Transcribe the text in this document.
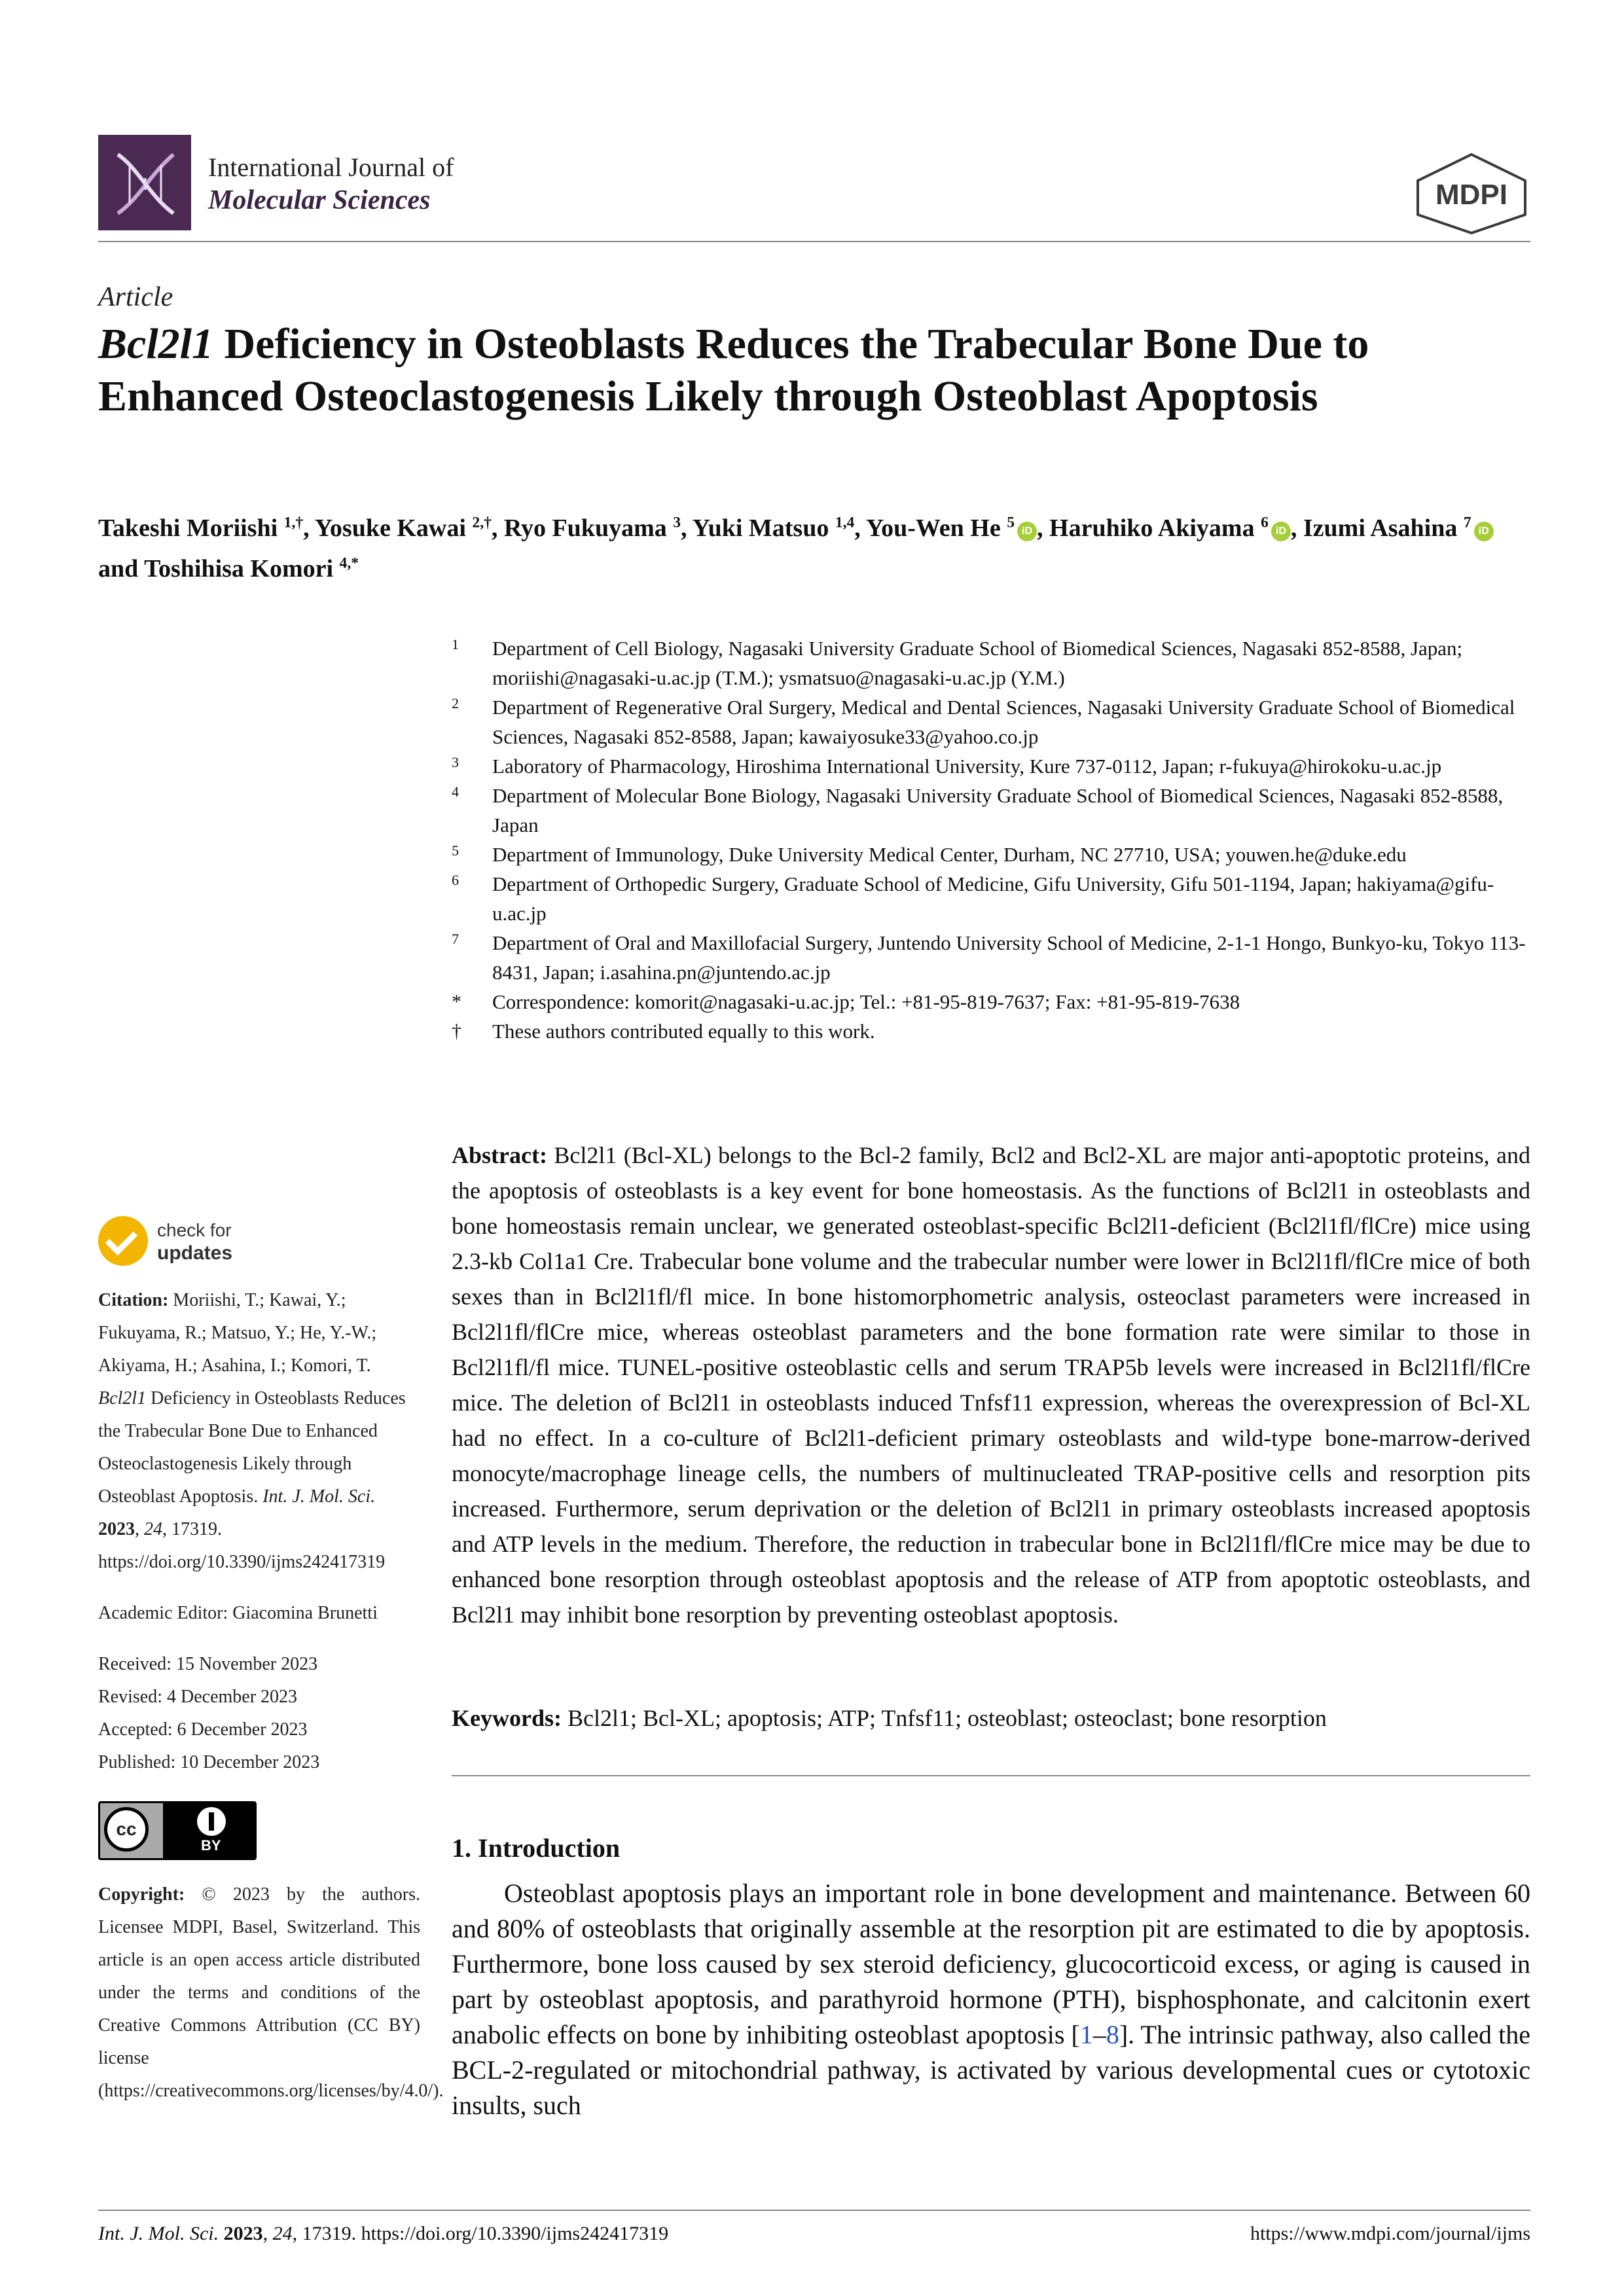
International Journal of
Molecular Sciences	MDPI
Article
Bcl2l1 Deficiency in Osteoblasts Reduces the Trabecular Bone Due to Enhanced Osteoclastogenesis Likely through Osteoblast Apoptosis
Takeshi Moriishi $^{1,\dagger}$, Yosuke Kawai $^{2,\dagger}$, Ryo Fukuyama $^3$, Yuki Matsuo $^{1,4}$, You-Wen He $^5$iD , Haruhiko Akiyama $^6$iD , Izumi Asahina $^7$iD and Toshihisa Komori $^{4,*}$
1 Department of Cell Biology, Nagasaki University Graduate School of Biomedical Sciences, Nagasaki 852-8588, Japan; moriishi@nagasaki-u.ac.jp (T.M.); ysmatsuo@nagasaki-u.ac.jp (Y.M.)
2 Department of Regenerative Oral Surgery, Medical and Dental Sciences, Nagasaki University Graduate School of Biomedical Sciences, Nagasaki 852-8588, Japan; kawaiyosuke33@yahoo.co.jp
3 Laboratory of Pharmacology, Hiroshima International University, Kure 737-0112, Japan; r-fukuya@hirokoku-u.ac.jp
4 Department of Molecular Bone Biology, Nagasaki University Graduate School of Biomedical Sciences, Nagasaki 852-8588, Japan
5 Department of Immunology, Duke University Medical Center, Durham, NC 27710, USA; youwen.he@duke.edu
6 Department of Orthopedic Surgery, Graduate School of Medicine, Gifu University, Gifu 501-1194, Japan; hakiyama@gifu-u.ac.jp
7 Department of Oral and Maxillofacial Surgery, Juntendo University School of Medicine, 2-1-1 Hongo, Bunkyo-ku, Tokyo 113-8431, Japan; i.asahina.pn@juntendo.ac.jp
* Correspondence: komorit@nagasaki-u.ac.jp; Tel.: +81-95-819-7637; Fax: +81-95-819-7638
† These authors contributed equally to this work.
check for
updates
Citation: Moriishi, T.; Kawai, Y.; Fukuyama, R.; Matsuo, Y.; He, Y.-W.; Akiyama, H.; Asahina, I.; Komori, T. Bcl2l1 Deficiency in Osteoblasts Reduces the Trabecular Bone Due to Enhanced Osteoclastogenesis Likely through Osteoblast Apoptosis. Int. J. Mol. Sci. 2023, 24, 17319. https://doi.org/10.3390/ijms242417319
Academic Editor: Giacomina Brunetti
Received: 15 November 2023
Revised: 4 December 2023
Accepted: 6 December 2023
Published: 10 December 2023
cc
BY
Copyright: © 2023 by the authors. Licensee MDPI, Basel, Switzerland. This article is an open access article distributed under the terms and conditions of the Creative Commons Attribution (CC BY) license (https://creativecommons.org/licenses/by/4.0/).
Abstract: Bcl2l1 (Bcl-XL) belongs to the Bcl-2 family, Bcl2 and Bcl2-XL are major anti-apoptotic proteins, and the apoptosis of osteoblasts is a key event for bone homeostasis. As the functions of Bcl2l1 in osteoblasts and bone homeostasis remain unclear, we generated osteoblast-specific Bcl2l1-deficient (Bcl2l1fl/flCre) mice using 2.3-kb Col1a1 Cre. Trabecular bone volume and the trabecular number were lower in Bcl2l1fl/flCre mice of both sexes than in Bcl2l1fl/fl mice. In bone histomorphometric analysis, osteoclast parameters were increased in Bcl2l1fl/flCre mice, whereas osteoblast parameters and the bone formation rate were similar to those in Bcl2l1fl/fl mice. TUNEL-positive osteoblastic cells and serum TRAP5b levels were increased in Bcl2l1fl/flCre mice. The deletion of Bcl2l1 in osteoblasts induced Tnfsf11 expression, whereas the overexpression of Bcl-XL had no effect. In a co-culture of Bcl2l1-deficient primary osteoblasts and wild-type bone-marrow-derived monocyte/macrophage lineage cells, the numbers of multinucleated TRAP-positive cells and resorption pits increased. Furthermore, serum deprivation or the deletion of Bcl2l1 in primary osteoblasts increased apoptosis and ATP levels in the medium. Therefore, the reduction in trabecular bone in Bcl2l1fl/flCre mice may be due to enhanced bone resorption through osteoblast apoptosis and the release of ATP from apoptotic osteoblasts, and Bcl2l1 may inhibit bone resorption by preventing osteoblast apoptosis.
Keywords: Bcl2l1; Bcl-XL; apoptosis; ATP; Tnfsf11; osteoblast; osteoclast; bone resorption
1. Introduction
Osteoblast apoptosis plays an important role in bone development and maintenance. Between 60 and 80% of osteoblasts that originally assemble at the resorption pit are estimated to die by apoptosis. Furthermore, bone loss caused by sex steroid deficiency, glucocorticoid excess, or aging is caused in part by osteoblast apoptosis, and parathyroid hormone (PTH), bisphosphonate, and calcitonin exert anabolic effects on bone by inhibiting osteoblast apoptosis [1–8]. The intrinsic pathway, also called the BCL-2-regulated or mitochondrial pathway, is activated by various developmental cues or cytotoxic insults, such
Int. J. Mol. Sci. 2023, 24, 17319. https://doi.org/10.3390/ijms242417319	https://www.mdpi.com/journal/ijms
